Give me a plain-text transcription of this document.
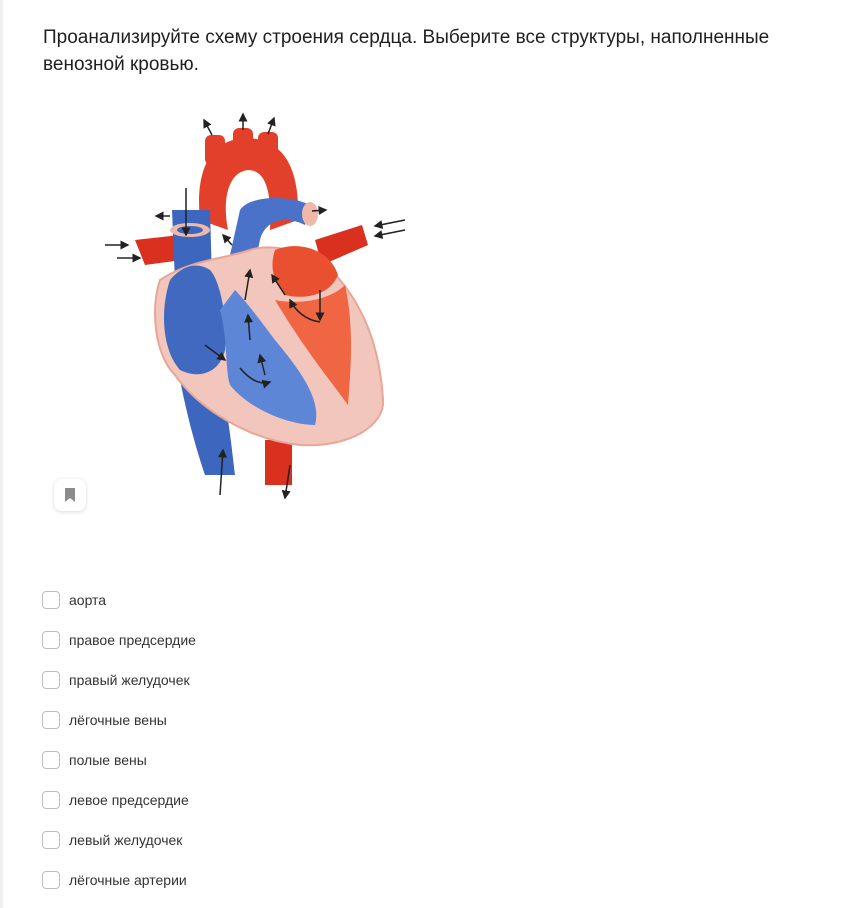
Проанализируйте схему строения сердца. Выберите все структуры, наполненные венозной кровью.
аорта
правое предсердие
правый желудочек
лёгочные вены
полые вены
левое предсердие
левый желудочек
лёгочные артерии
